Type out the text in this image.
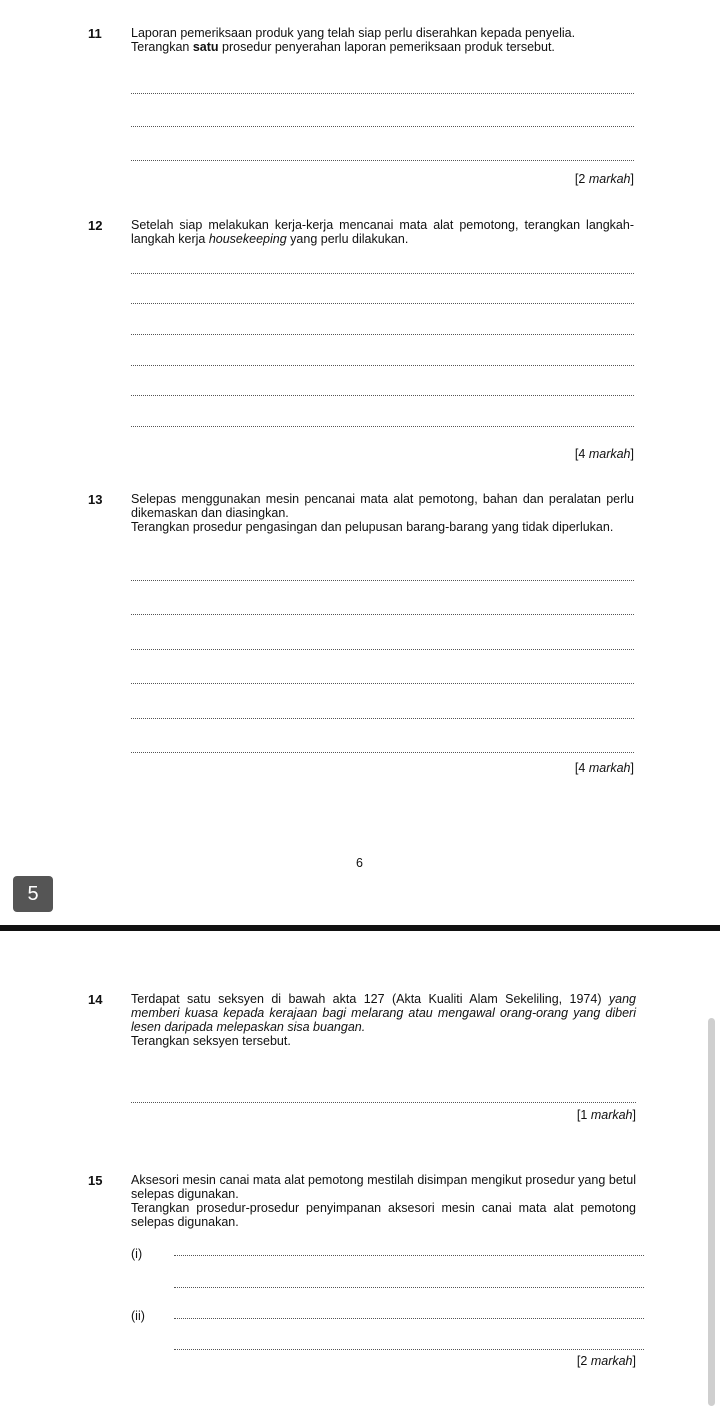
11 Laporan pemeriksaan produk yang telah siap perlu diserahkan kepada penyelia.

Terangkan satu prosedur penyerahan laporan pemeriksaan produk tersebut.

[2 markah]
12 Setelah siap melakukan kerja-kerja mencanai mata alat pemotong, terangkan langkah-langkah kerja housekeeping yang perlu dilakukan.

[4 markah]
13 Selepas menggunakan mesin pencanai mata alat pemotong, bahan dan peralatan perlu dikemaskan dan diasingkan.

Terangkan prosedur pengasingan dan pelupusan barang-barang yang tidak diperlukan.

[4 markah]
6
5
14 Terdapat satu seksyen di bawah akta 127 (Akta Kualiti Alam Sekeliling, 1974) yang memberi kuasa kepada kerajaan bagi melarang atau mengawal orang-orang yang diberi lesen daripada melepaskan sisa buangan.

Terangkan seksyen tersebut.

[1 markah]
15 Aksesori mesin canai mata alat pemotong mestilah disimpan mengikut prosedur yang betul selepas digunakan.

Terangkan prosedur-prosedur penyimpanan aksesori mesin canai mata alat pemotong selepas digunakan.

(i)
(ii)
[2 markah]
